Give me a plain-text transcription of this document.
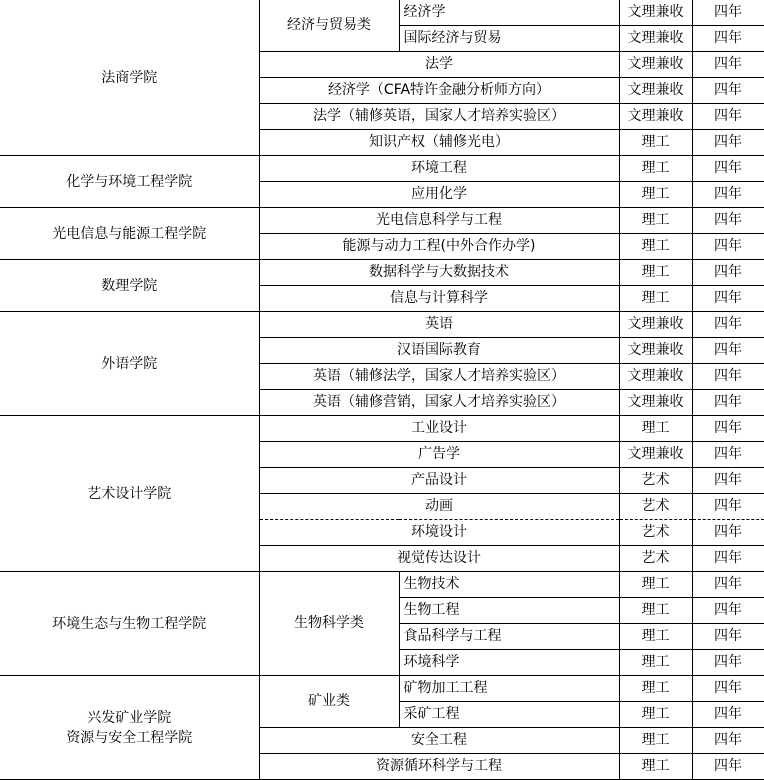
法商学院	经济与贸易类	经济学	文理兼收	四年
		国际经济与贸易	文理兼收	四年
	法学		文理兼收	四年
	经济学（CFA特许金融分析师方向）		文理兼收	四年
	法学（辅修英语，国家人才培养实验区）		文理兼收	四年
	知识产权（辅修光电）		理工	四年
化学与环境工程学院	环境工程		理工	四年
	应用化学		理工	四年
光电信息与能源工程学院	光电信息科学与工程		理工	四年
	能源与动力工程(中外合作办学)		理工	四年
数理学院	数据科学与大数据技术		理工	四年
	信息与计算科学		理工	四年
外语学院	英语		文理兼收	四年
	汉语国际教育		文理兼收	四年
	英语（辅修法学，国家人才培养实验区）		文理兼收	四年
	英语（辅修营销，国家人才培养实验区）		文理兼收	四年
艺术设计学院	工业设计		理工	四年
	广告学		文理兼收	四年
	产品设计		艺术	四年
	动画		艺术	四年
	环境设计		艺术	四年
	视觉传达设计		艺术	四年
环境生态与生物工程学院	生物科学类	生物技术	理工	四年
		生物工程	理工	四年
		食品科学与工程	理工	四年
		环境科学	理工	四年

兴发矿业学院
资源与安全工程学院	矿业类	矿物加工工程	理工	四年
		采矿工程	理工	四年
	安全工程		理工	四年
	资源循环科学与工程		理工	四年
